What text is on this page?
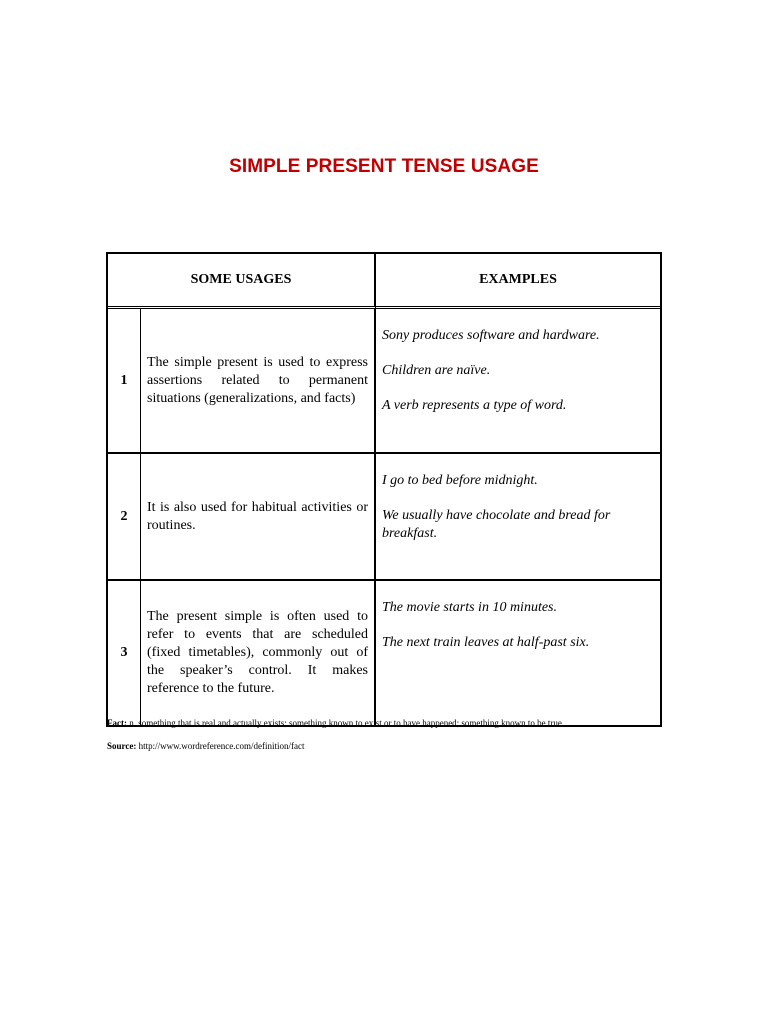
SIMPLE PRESENT TENSE USAGE
SOME USAGES		EXAMPLES
1	The simple present is used to express assertions related to permanent situations (generalizations, and facts)	Sony produces software and hardware.

Children are naïve.

A verb represents a type of word.

2	It is also used for habitual activities or routines.	I go to bed before midnight.

We usually have chocolate and bread for breakfast.

3	The present simple is often used to refer to events that are scheduled (fixed timetables), commonly out of the speaker’s control. It makes reference to the future.	The movie starts in 10 minutes.

The next train leaves at half-past six.

Fact: n. something that is real and actually exists; something known to exist or to have happened; something known to be true.
Source: http://www.wordreference.com/definition/fact
